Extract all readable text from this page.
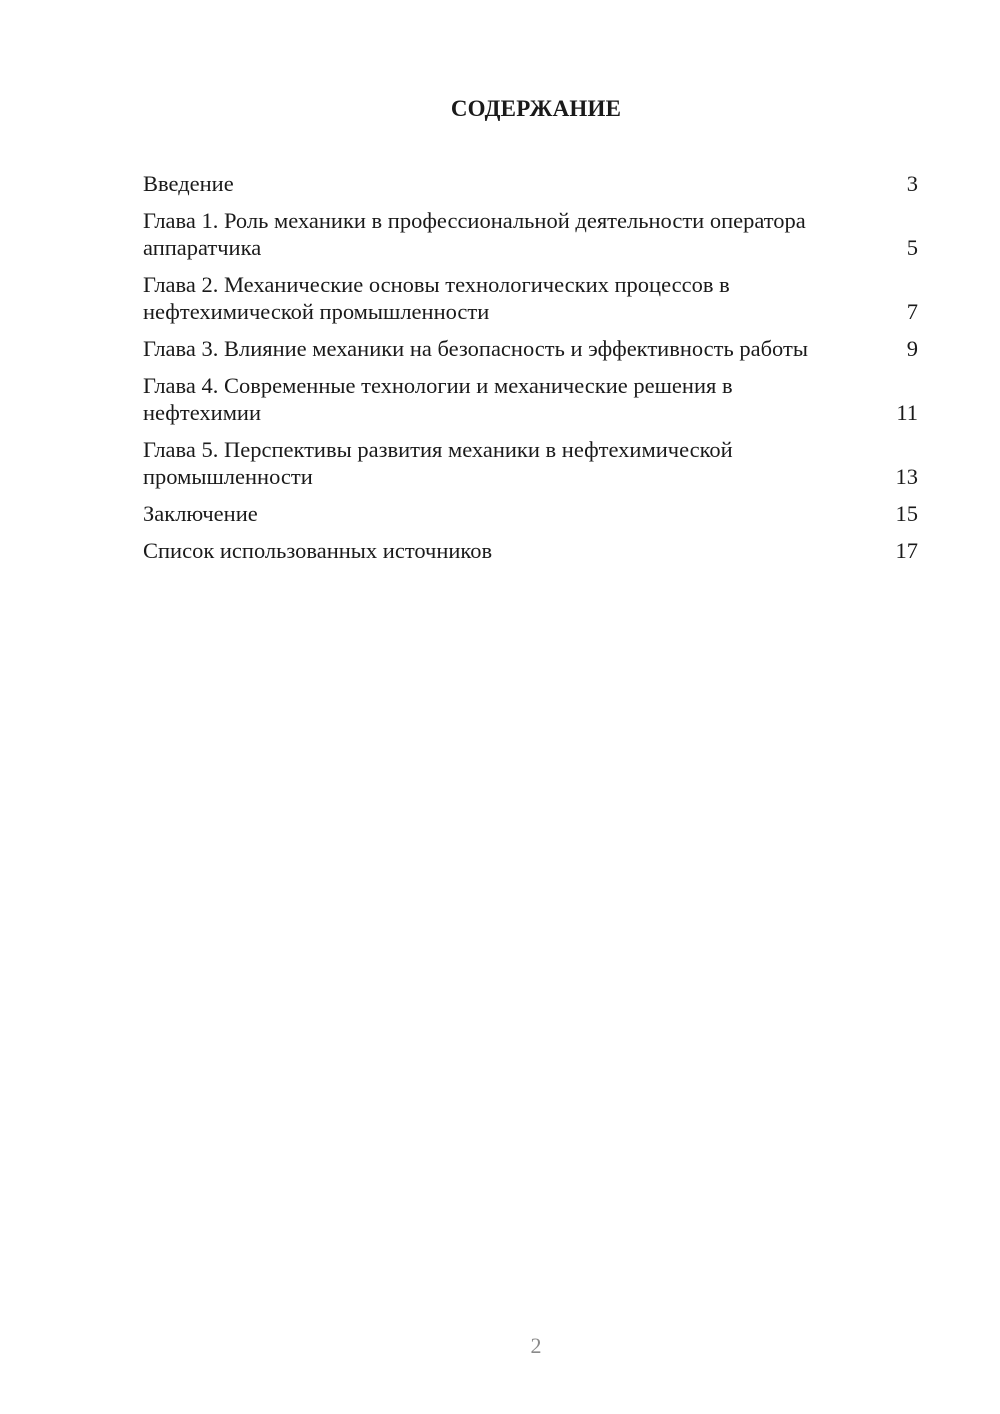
СОДЕРЖАНИЕ
Введение	3
Глава 1. Роль механики в профессиональной деятельности оператора аппаратчика	5
Глава 2. Механические основы технологических процессов в нефтехимической промышленности	7
Глава 3. Влияние механики на безопасность и эффективность работы	9
Глава 4. Современные технологии и механические решения в нефтехимии	11
Глава 5. Перспективы развития механики в нефтехимической промышленности	13
Заключение	15
Список использованных источников	17
2
